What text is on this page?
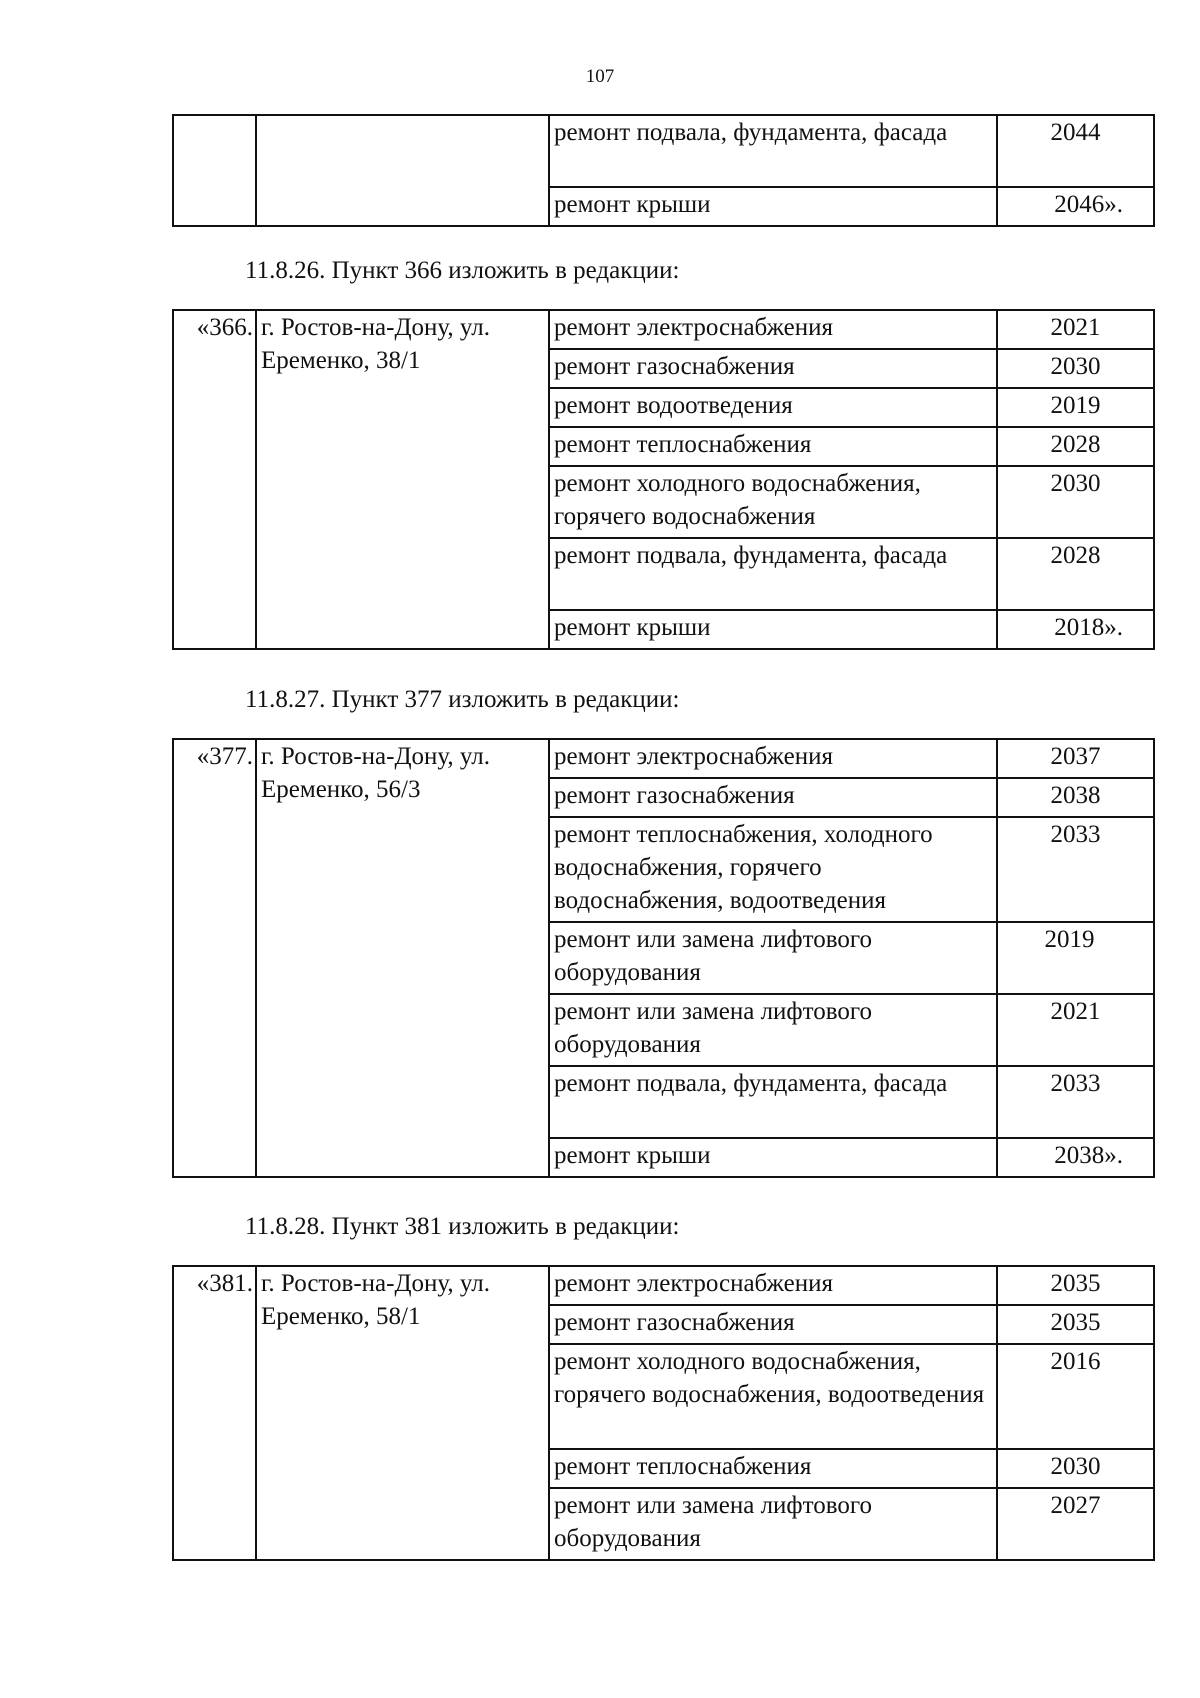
107
		ремонт подвала, фундамента, фасада	2044
		ремонт крыши	2046».
11.8.26. Пункт 366 изложить в редакции:
«366.	г. Ростов-на-Дону, ул. Еременко, 38/1	ремонт электроснабжения	2021
		ремонт газоснабжения	2030
		ремонт водоотведения	2019
		ремонт теплоснабжения	2028
		ремонт холодного водоснабжения, горячего водоснабжения	2030
		ремонт подвала, фундамента, фасада	2028
		ремонт крыши	2018».
11.8.27. Пункт 377 изложить в редакции:
«377.	г. Ростов-на-Дону, ул. Еременко, 56/3	ремонт электроснабжения	2037
		ремонт газоснабжения	2038
		ремонт теплоснабжения, холодного водоснабжения, горячего водоснабжения, водоотведения	2033
		ремонт или замена лифтового оборудования	2019
		ремонт или замена лифтового оборудования	2021
		ремонт подвала, фундамента, фасада	2033
		ремонт крыши	2038».
11.8.28. Пункт 381 изложить в редакции:
«381.	г. Ростов-на-Дону, ул. Еременко, 58/1	ремонт электроснабжения	2035
		ремонт газоснабжения	2035
		ремонт холодного водоснабжения, горячего водоснабжения, водоотведения	2016
		ремонт теплоснабжения	2030
		ремонт или замена лифтового оборудования	2027
